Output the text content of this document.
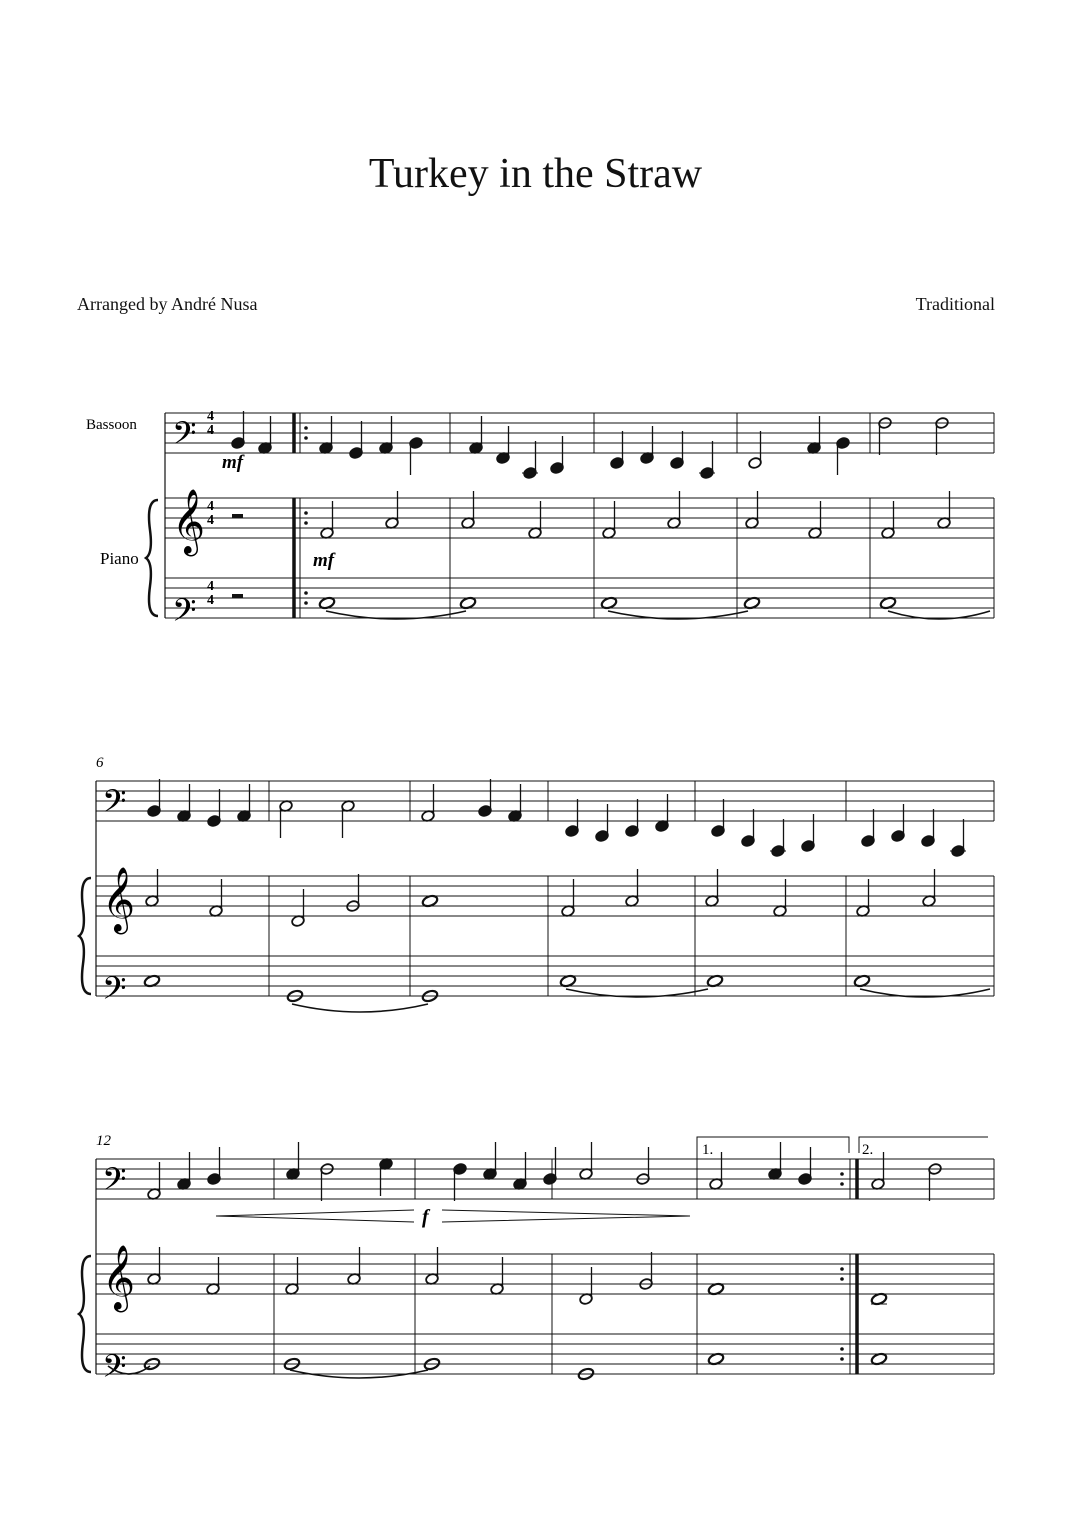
Turkey in the Straw
Arranged by André Nusa	Traditional
𝄢
𝄞
𝄢
𝄢
𝄞
𝄢
𝄢
𝄞
𝄢
Bassoon
Piano
4
4
4
4
4
4
mf
mf
f
6
12
1.	2.
